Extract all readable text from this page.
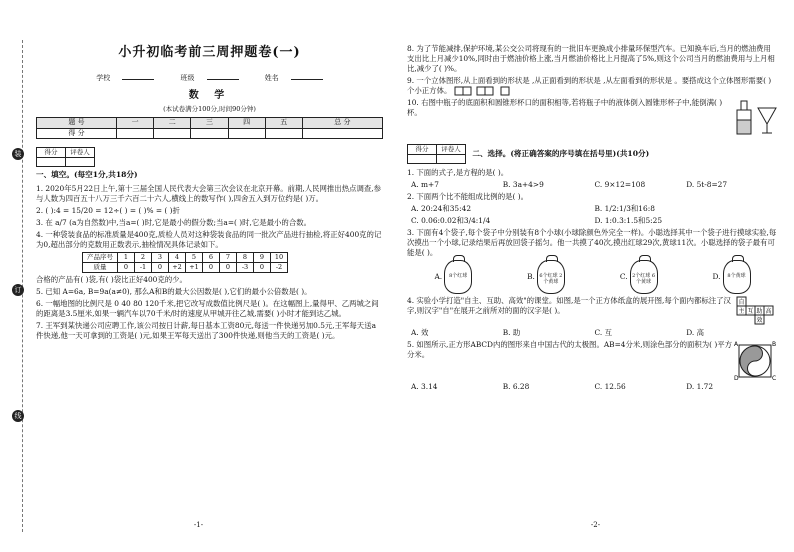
装
订
线
小升初临考前三周押题卷(一)
学校	班级	姓名
数 学
(本试卷满分100分,时间90分钟)
题 号	一	二	三	四	五	总 分
得 分						
得分	评卷人

一、填空。(每空1分,共18分)
1. 2020年5月22日上午,第十三届全国人民代表大会第三次会议在北京开幕。前期,人民网推出热点调查,参与人数为四百五十八万三千六百二十六人,横线上的数写作( ),四舍五入到万位约是( )万。
2. ( ):4 = 15/20 = 12÷( ) = ( )% = ( )折
3. 在 a/7 (a为自然数)中,当a=( )时,它是最小的假分数;当a=( )时,它是最小的合数。
4. 一种袋装食品的标准质量是400克,质检人员对这种袋装食品的同一批次产品进行抽检,将正好400克的记为0,超出部分的克数用正数表示,抽检情况具体记录如下。
产品序号	1	2	3	4	5	6	7	8	9	10
质量	0	-1	0	+2	+1	0	0	-3	0	-2
合格的产品有( )袋,有( )袋比正好400克的少。
5. 已知 A=6a, B=9a(a≠0), 那么A和B的最大公因数是( ),它们的最小公倍数是( )。
6. 一幅地图的比例尺是 0 40 80 120千米,把它改写成数值比例尺是( )。在这幅图上,量得甲、乙两城之间的距离是3.5厘米,如果一辆汽车以70千米/时的速度从甲城开往乙城,需要( )小时才能到达乙城。
7. 王军到某快递公司应聘工作,该公司按日计薪,每日基本工资80元,每送一件快递另加0.5元,王军每天送a件快递,他一天可拿到的工资是( )元,如果王军每天送出了300件快递,则他当天的工资是( )元。
-1-
8. 为了节能减排,保护环境,某公交公司将现有的一批旧车更换成小排量环保型汽车。已知换车后,当月的燃油费用支出比上月减少10%,同时由于燃油价格上涨,当月燃油价格比上月提高了5%,则这个公司当月的燃油费用与上月相比,减少了( )%。
9. 一个立体图形,从上面看到的形状是 ,从正面看到的形状是 ,从左面看到的形状是 。要搭成这个立体图形需要( )个小正方体。
10. 右图中瓶子的底面积和圆锥形杯口的面积相等,若将瓶子中的液体倒入圆锥形杯子中,能倒满( )杯。
得分	评卷人
	二、选择。(将正确答案的序号填在括号里)(共10分)
1. 下面的式子,是方程的是( )。
A. m+7	B. 3a+4>9	C. 9×12=108	D. 5t-8=27
2. 下面两个比不能组成比例的是( )。
A. 20:24和35:42	B. 1/2:1/3和16:8
C. 0.06:0.02和3/4:1/4	D. 1:0.3:1.5和5:25
3. 下面有4个袋子,每个袋子中分别装有8个小球(小球除颜色外完全一样)。小聪选择其中一个袋子进行摸球实验,每次摸出一个小球,记录结果后再放回袋子摇匀。他一共摸了40次,摸出红球29次,黄球11次。小聪选择的袋子最有可能是( )。
A.	8个红球	B. 6个红球 2个黄球
C. 2个红球 6个黄球
D.	8个黄球
4. 实验小学打造"自主、互助、高效"的课堂。如图,是一个正方体纸盒的展开图,每个面内都标注了汉字,则汉字"自"在展开之前所对的面的汉字是( )。
自
主 互 助 高
效
A. 效	B. 助	C. 互	D. 高
5. 如图所示,正方形ABCD内的图形来自中国古代的太极图。AB=4分米,则涂色部分的面积为( )平方分米。
A	B
C
D
A. 3.14	B. 6.28	C. 12.56	D. 1.72
-2-
